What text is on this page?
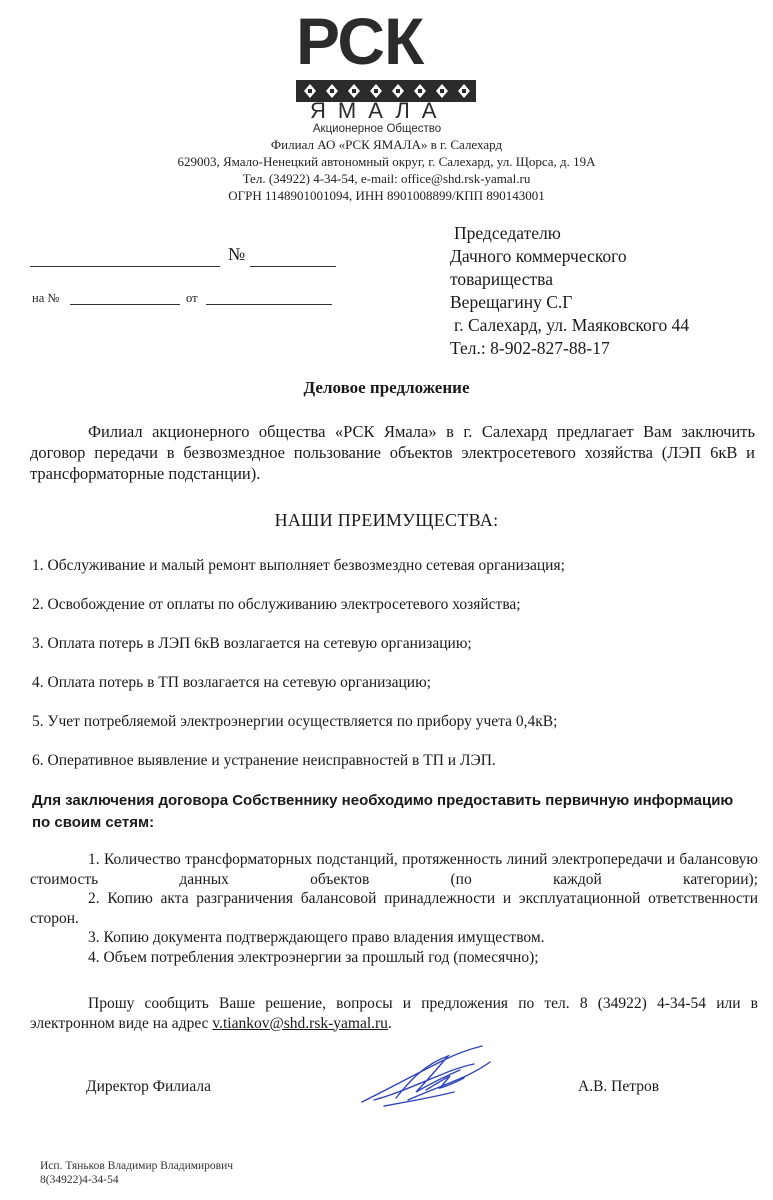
РСК
ЯМАЛА
Акционерное Общество
Филиал АО «РСК ЯМАЛА» в г. Салехард
629003, Ямало-Ненецкий автономный округ, г. Салехард, ул. Щорса, д. 19А
Тел. (34922) 4-34-54, e-mail: office@shd.rsk-yamal.ru
ОГРН 1148901001094, ИНН 8901008899/КПП 890143001
№
на №	от
Председателю
Дачного коммерческого
товарищества
Верещагину С.Г
г. Салехард, ул. Маяковского 44
Тел.: 8-902-827-88-17
Деловое предложение
Филиал акционерного общества «РСК Ямала» в г. Салехард предлагает Вам заключить договор передачи в безвозмездное пользование объектов электросетевого хозяйства (ЛЭП 6кВ и трансформаторные подстанции).
НАШИ ПРЕИМУЩЕСТВА:
1. Обслуживание и малый ремонт выполняет безвозмездно сетевая организация;
2. Освобождение от оплаты по обслуживанию электросетевого хозяйства;
3. Оплата потерь в ЛЭП 6кВ возлагается на сетевую организацию;
4. Оплата потерь в ТП возлагается на сетевую организацию;
5. Учет потребляемой электроэнергии осуществляется по прибору учета 0,4кВ;
6. Оперативное выявление и устранение неисправностей в ТП и ЛЭП.
Для заключения договора Собственнику необходимо предоставить первичную информацию по своим сетям:

1. Количество трансформаторных подстанций, протяженность линий электропередачи и балансовую стоимость данных объектов (по каждой категории);

2. Копию акта разграничения балансовой принадлежности и эксплуатационной ответственности сторон.

3. Копию документа подтверждающего право владения имуществом.

4. Объем потребления электроэнергии за прошлый год (помесячно);

Прошу сообщить Ваше решение, вопросы и предложения по тел. 8 (34922) 4-34-54 или в электронном виде на адрес v.tiankov@shd.rsk-yamal.ru.

Директор Филиала	А.В. Петров
Исп. Тяньков Владимир Владимирович
8(34922)4-34-54
